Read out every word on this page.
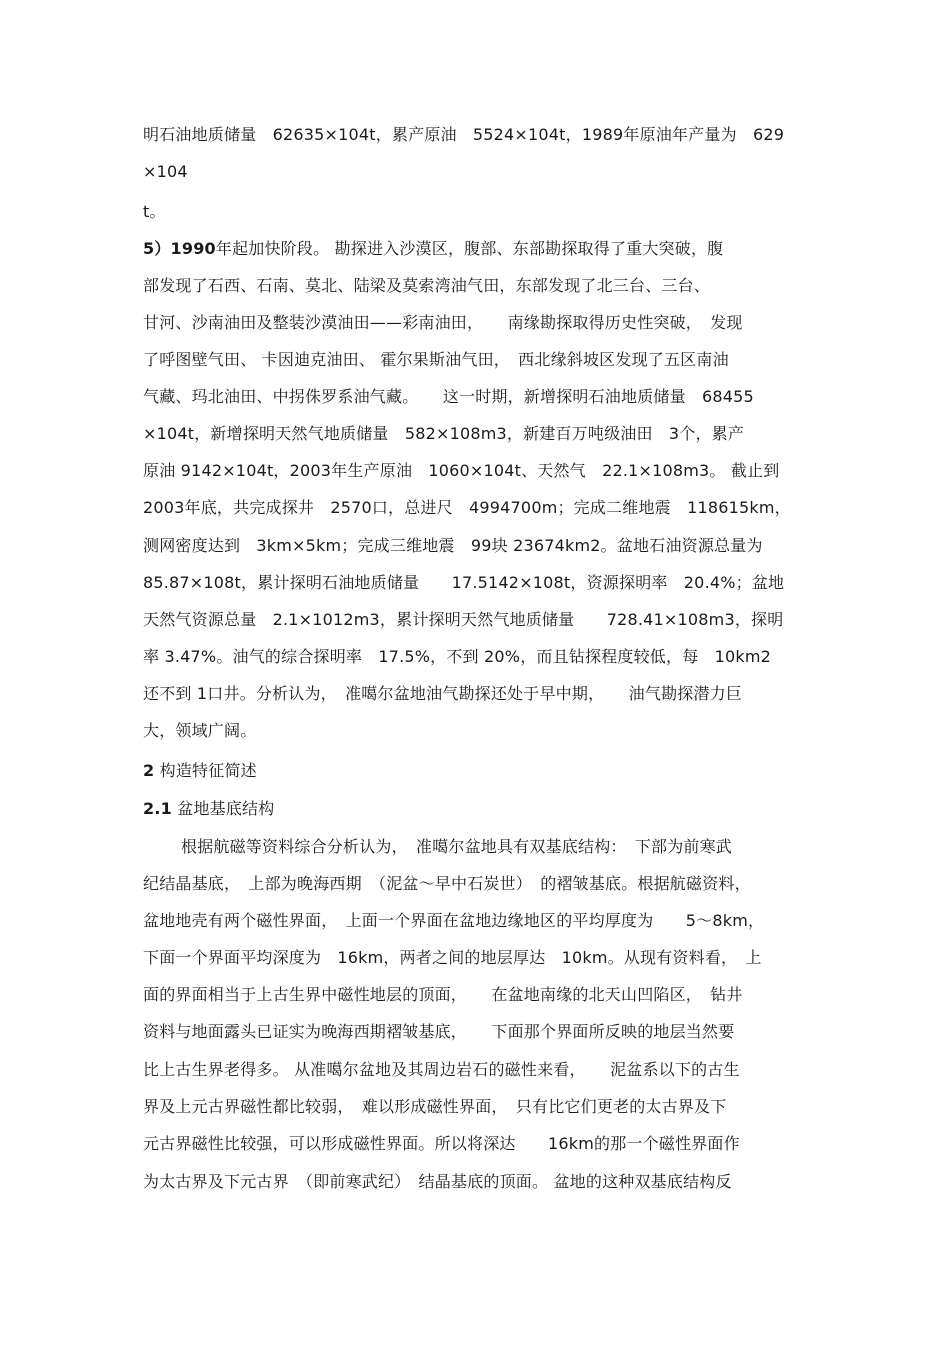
明石油地质储量　62635×104t，累产原油　5524×104t，1989年原油年产量为　629
×104
t。
5）1990年起加快阶段。 勘探进入沙漠区，腹部、东部勘探取得了重大突破，腹
部发现了石西、石南、莫北、陆梁及莫索湾油气田，东部发现了北三台、三台、
甘河、沙南油田及整装沙漠油田——彩南油田，　　南缘勘探取得历史性突破，　发现
了呼图壁气田、 卡因迪克油田、 霍尔果斯油气田，　西北缘斜坡区发现了五区南油
气藏、玛北油田、中拐侏罗系油气藏。　　这一时期，新增探明石油地质储量　68455
×104t，新增探明天然气地质储量　582×108m3，新建百万吨级油田　3个，累产
原油 9142×104t，2003年生产原油　1060×104t、天然气　22.1×108m3。 截止到
2003年底，共完成探井　2570口，总进尺　4994700m；完成二维地震　118615km，
测网密度达到　3km×5km；完成三维地震　99块 23674km2。盆地石油资源总量为
85.87×108t，累计探明石油地质储量　　17.5142×108t，资源探明率　20.4%；盆地
天然气资源总量　2.1×1012m3，累计探明天然气地质储量　　728.41×108m3，探明
率 3.47%。油气的综合探明率　17.5%，不到 20%，而且钻探程度较低，每　10km2
还不到 1口井。分析认为，　准噶尔盆地油气勘探还处于早中期，　　油气勘探潜力巨
大，领域广阔。
2 构造特征简述
2.1 盆地基底结构
根据航磁等资料综合分析认为，　准噶尔盆地具有双基底结构：　下部为前寒武
纪结晶基底，　上部为晚海西期　（泥盆～早中石炭世）　的褶皱基底。根据航磁资料，
盆地地壳有两个磁性界面，　上面一个界面在盆地边缘地区的平均厚度为　　5～8km，
下面一个界面平均深度为　16km，两者之间的地层厚达　10km。从现有资料看，　上
面的界面相当于上古生界中磁性地层的顶面，　　在盆地南缘的北天山凹陷区，　钻井
资料与地面露头已证实为晚海西期褶皱基底，　　下面那个界面所反映的地层当然要
比上古生界老得多。 从准噶尔盆地及其周边岩石的磁性来看，　　泥盆系以下的古生
界及上元古界磁性都比较弱，　难以形成磁性界面，　只有比它们更老的太古界及下
元古界磁性比较强，可以形成磁性界面。所以将深达　　16km的那一个磁性界面作
为太古界及下元古界　（即前寒武纪）　结晶基底的顶面。 盆地的这种双基底结构反
